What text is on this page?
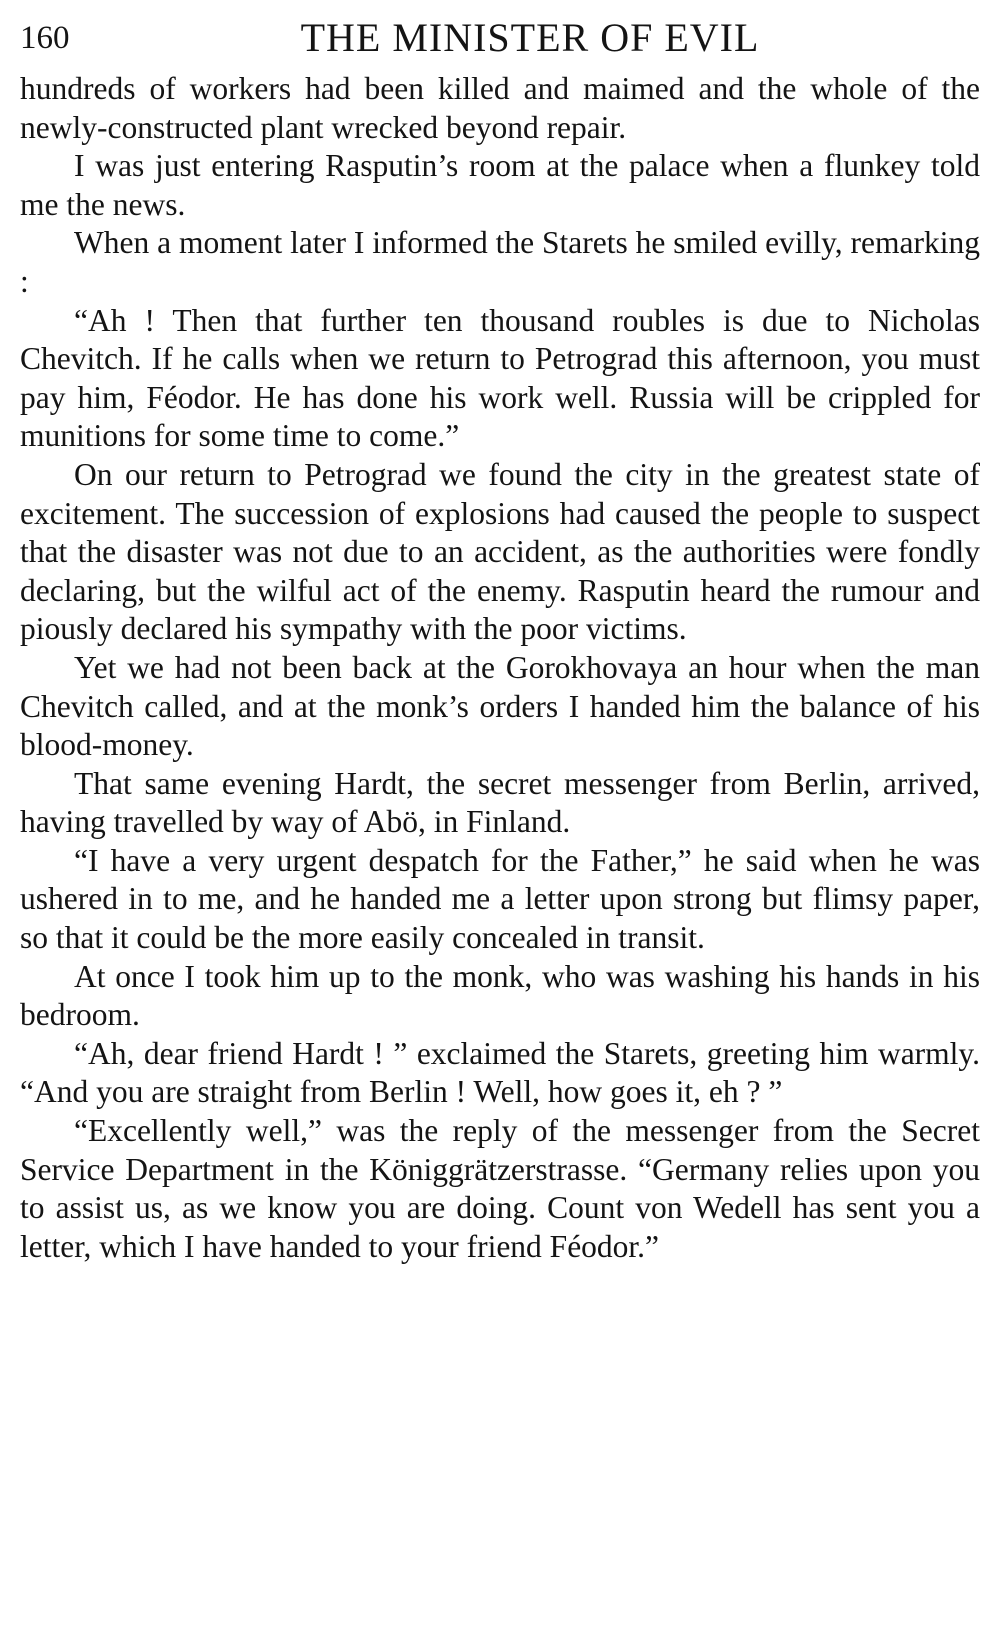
160	THE MINISTER OF EVIL

hundreds of workers had been killed and maimed and the whole of the newly-constructed plant wrecked beyond repair.

I was just entering Rasputin’s room at the palace when a flunkey told me the news.

When a moment later I informed the Starets he smiled evilly, remarking :

“Ah ! Then that further ten thousand roubles is due to Nicholas Chevitch. If he calls when we return to Petrograd this afternoon, you must pay him, Féodor. He has done his work well. Russia will be crippled for munitions for some time to come.”

On our return to Petrograd we found the city in the greatest state of excitement. The succession of explosions had caused the people to suspect that the disaster was not due to an accident, as the authorities were fondly declaring, but the wilful act of the enemy. Rasputin heard the rumour and piously declared his sympathy with the poor victims.

Yet we had not been back at the Gorokhovaya an hour when the man Chevitch called, and at the monk’s orders I handed him the balance of his blood-money.

That same evening Hardt, the secret messenger from Berlin, arrived, having travelled by way of Abö, in Finland.

“I have a very urgent despatch for the Father,” he said when he was ushered in to me, and he handed me a letter upon strong but flimsy paper, so that it could be the more easily concealed in transit.

At once I took him up to the monk, who was washing his hands in his bedroom.

“Ah, dear friend Hardt ! ” exclaimed the Starets, greeting him warmly. “And you are straight from Berlin ! Well, how goes it, eh ? ”

“Excellently well,” was the reply of the messenger from the Secret Service Department in the Königgrätzerstrasse. “Germany relies upon you to assist us, as we know you are doing. Count von Wedell has sent you a letter, which I have handed to your friend Féodor.”
